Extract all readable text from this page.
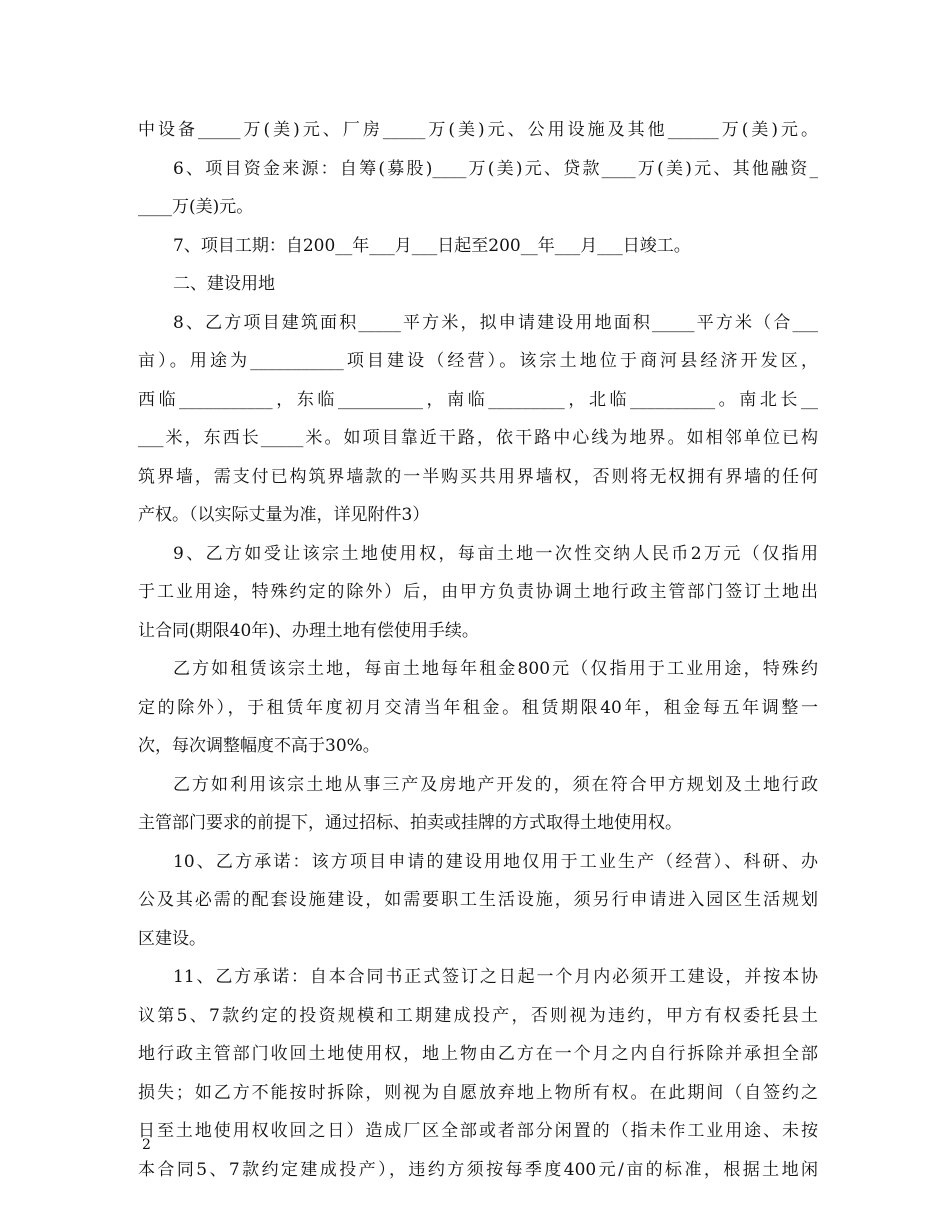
中设备_____万(美)元、厂房_____万(美)元、公用设施及其他______万(美)元。
6、项目资金来源：自筹(募股)____万(美)元、贷款____万(美)元、其他融资_
____万(美)元。
7、项目工期：自200__年___月___日起至200__年___月___日竣工。
二、建设用地
8、乙方项目建筑面积_____平方米，拟申请建设用地面积_____平方米（合___
亩）。用途为___________项目建设（经营）。该宗土地位于商河县经济开发区，
西临___________，东临__________，南临_________，北临__________。南北长__
___米，东西长_____米。如项目靠近干路，依干路中心线为地界。如相邻单位已构
筑界墙，需支付已构筑界墙款的一半购买共用界墙权，否则将无权拥有界墙的任何
产权。（以实际丈量为准，详见附件3）
9、乙方如受让该宗土地使用权，每亩土地一次性交纳人民币2万元（仅指用
于工业用途，特殊约定的除外）后，由甲方负责协调土地行政主管部门签订土地出
让合同(期限40年)、办理土地有偿使用手续。
乙方如租赁该宗土地，每亩土地每年租金800元（仅指用于工业用途，特殊约
定的除外），于租赁年度初月交清当年租金。租赁期限40年，租金每五年调整一
次，每次调整幅度不高于30%。
乙方如利用该宗土地从事三产及房地产开发的，须在符合甲方规划及土地行政
主管部门要求的前提下，通过招标、拍卖或挂牌的方式取得土地使用权。
10、乙方承诺：该方项目申请的建设用地仅用于工业生产（经营）、科研、办
公及其必需的配套设施建设，如需要职工生活设施，须另行申请进入园区生活规划
区建设。
11、乙方承诺：自本合同书正式签订之日起一个月内必须开工建设，并按本协
议第5、7款约定的投资规模和工期建成投产，否则视为违约，甲方有权委托县土
地行政主管部门收回土地使用权，地上物由乙方在一个月之内自行拆除并承担全部
损失；如乙方不能按时拆除，则视为自愿放弃地上物所有权。在此期间（自签约之
日至土地使用权收回之日）造成厂区全部或者部分闲置的（指未作工业用途、未按
本合同5、7款约定建成投产），违约方须按每季度400元/亩的标准，根据土地闲
2
